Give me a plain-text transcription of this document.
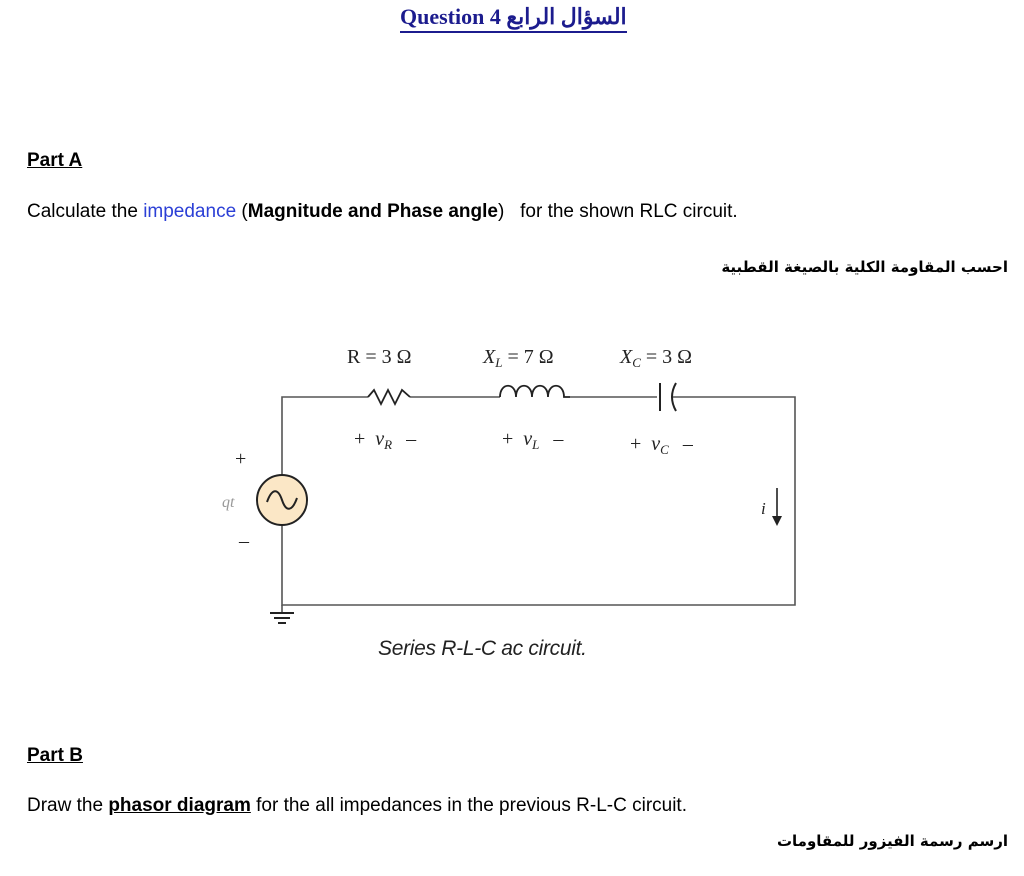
Question 4 السؤال الرابع
Part A
Calculate the impedance (Magnitude and Phase angle)   for the shown RLC circuit.
احسب المقاومة الكلية بالصيغة القطبية
R = 3 Ω	$X_L = 7$ Ω	$X_C = 3$ Ω
+ $v_R$ –	+ $v_L$ –	+ $v_C$ –
+
–
qt	i
Series R-L-C ac circuit.
Part B
Draw the phasor diagram for the all impedances in the previous R-L-C circuit.
ارسم رسمة الفيزور للمقاومات
